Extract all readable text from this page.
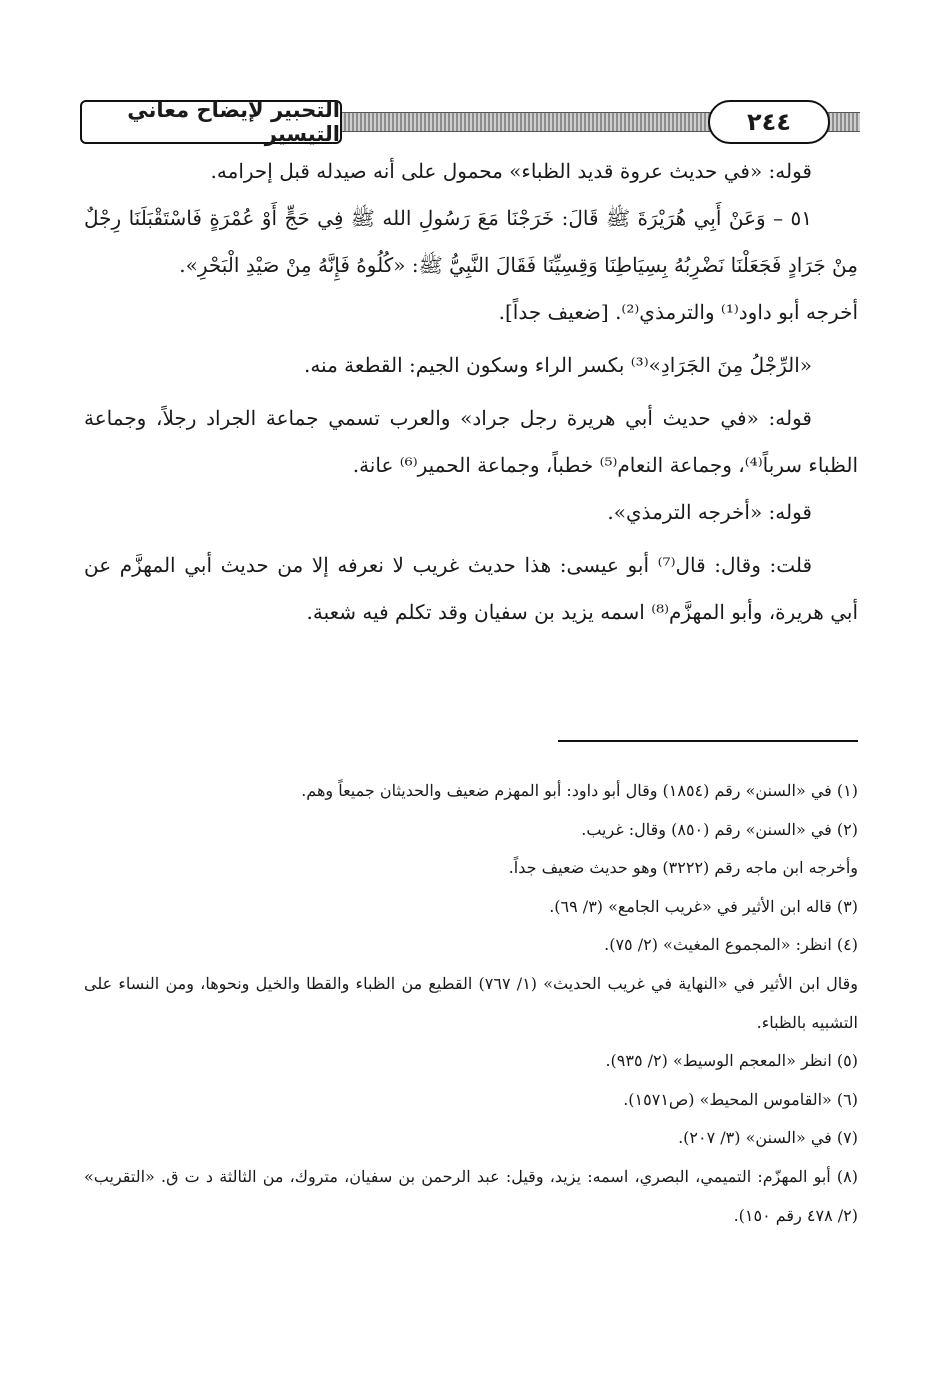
التحبير لإيضاح معاني التيسير	٢٤٤

قوله: «في حديث عروة قديد الظباء» محمول على أنه صيدله قبل إحرامه.

٥١ – وَعَنْ أَبِي هُرَيْرَةَ ﷺ قَالَ: خَرَجْنَا مَعَ رَسُولِ الله ﷺ فِي حَجٍّ أَوْ عُمْرَةٍ فَاسْتَقْبَلَنَا رِجْلٌ مِنْ جَرَادٍ فَجَعَلْنَا نَضْرِبُهُ بِسِيَاطِنَا وَقِسِيِّنَا فَقَالَ النَّبِيُّ ﷺ: «كُلُوهُ فَإِنَّهُ مِنْ صَيْدِ الْبَحْرِ».

أخرجه أبو داود⁽¹⁾ والترمذي⁽²⁾. [ضعيف جداً].

«الرِّجْلُ مِنَ الجَرَادِ»⁽³⁾ بكسر الراء وسكون الجيم: القطعة منه.

قوله: «في حديث أبي هريرة رجل جراد» والعرب تسمي جماعة الجراد رجلاً، وجماعة الظباء سرباً⁽⁴⁾، وجماعة النعام⁽⁵⁾ خطباً، وجماعة الحمير⁽⁶⁾ عانة.

قوله: «أخرجه الترمذي».

قلت: وقال: قال⁽⁷⁾ أبو عيسى: هذا حديث غريب لا نعرفه إلا من حديث أبي المهزَّم عن أبي هريرة، وأبو المهزَّم⁽⁸⁾ اسمه يزيد بن سفيان وقد تكلم فيه شعبة.

(١) في «السنن» رقم (١٨٥٤) وقال أبو داود: أبو المهزم ضعيف والحديثان جميعاً وهم.

(٢) في «السنن» رقم (٨٥٠) وقال: غريب.

وأخرجه ابن ماجه رقم (٣٢٢٢) وهو حديث ضعيف جداً.

(٣) قاله ابن الأثير في «غريب الجامع» (٣/ ٦٩).

(٤) انظر: «المجموع المغيث» (٢/ ٧٥).

وقال ابن الأثير في «النهاية في غريب الحديث» (١/ ٧٦٧) القطيع من الظباء والقطا والخيل ونحوها، ومن النساء على التشبيه بالظباء.

(٥) انظر «المعجم الوسيط» (٢/ ٩٣٥).

(٦) «القاموس المحيط» (ص١٥٧١).

(٧) في «السنن» (٣/ ٢٠٧).

(٨) أبو المهزّم: التميمي، البصري، اسمه: يزيد، وقيل: عبد الرحمن بن سفيان، متروك، من الثالثة د ت ق. «التقريب» (٢/ ٤٧٨ رقم ١٥٠).
